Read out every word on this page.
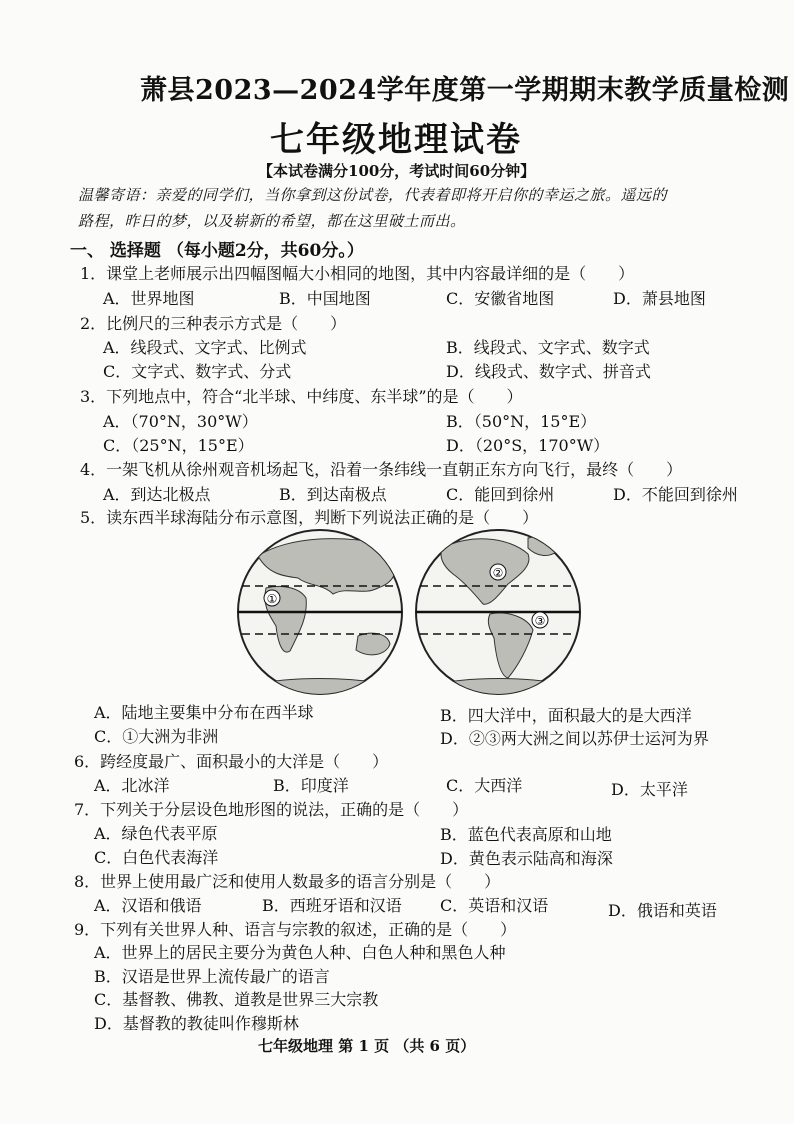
萧县2023—2024学年度第一学期期末教学质量检测
七年级地理试卷
【本试卷满分100分，考试时间60分钟】
温馨寄语：亲爱的同学们，当你拿到这份试卷，代表着即将开启你的幸运之旅。遥远的
路程，昨日的梦，以及崭新的希望，都在这里破土而出。
一、 选择题 （每小题2分，共60分。）
1．课堂上老师展示出四幅图幅大小相同的地图，其中内容最详细的是（　　）
A．世界地图	B．中国地图	C．安徽省地图	D．萧县地图
2．比例尺的三种表示方式是（　　）
A．线段式、文字式、比例式	B．线段式、文字式、数字式
C．文字式、数字式、分式	D．线段式、数字式、拼音式
3．下列地点中，符合“北半球、中纬度、东半球”的是（　　）
A．（70°N，30°W）	B．（50°N，15°E）
C．（25°N，15°E）	D．（20°S，170°W）
4．一架飞机从徐州观音机场起飞，沿着一条纬线一直朝正东方向飞行，最终（　　）
A．到达北极点	B．到达南极点	C．能回到徐州	D．不能回到徐州
5．读东西半球海陆分布示意图，判断下列说法正确的是（　　）
①
②
③
A．陆地主要集中分布在西半球	B．四大洋中，面积最大的是大西洋
C．①大洲为非洲	D．②③两大洲之间以苏伊士运河为界
6．跨经度最广、面积最小的大洋是（　　）
A．北冰洋	B．印度洋	C．大西洋	D．太平洋
7．下列关于分层设色地形图的说法，正确的是（　　）
A．绿色代表平原	B．蓝色代表高原和山地
C．白色代表海洋	D．黄色表示陆高和海深
8．世界上使用最广泛和使用人数最多的语言分别是（　　）
A．汉语和俄语	B．西班牙语和汉语 C．英语和汉语	D．俄语和英语
9．下列有关世界人种、语言与宗教的叙述，正确的是（　　）
A．世界上的居民主要分为黄色人种、白色人种和黑色人种
B．汉语是世界上流传最广的语言
C．基督教、佛教、道教是世界三大宗教
D．基督教的教徒叫作穆斯林
七年级地理 第 1 页 （共 6 页）
